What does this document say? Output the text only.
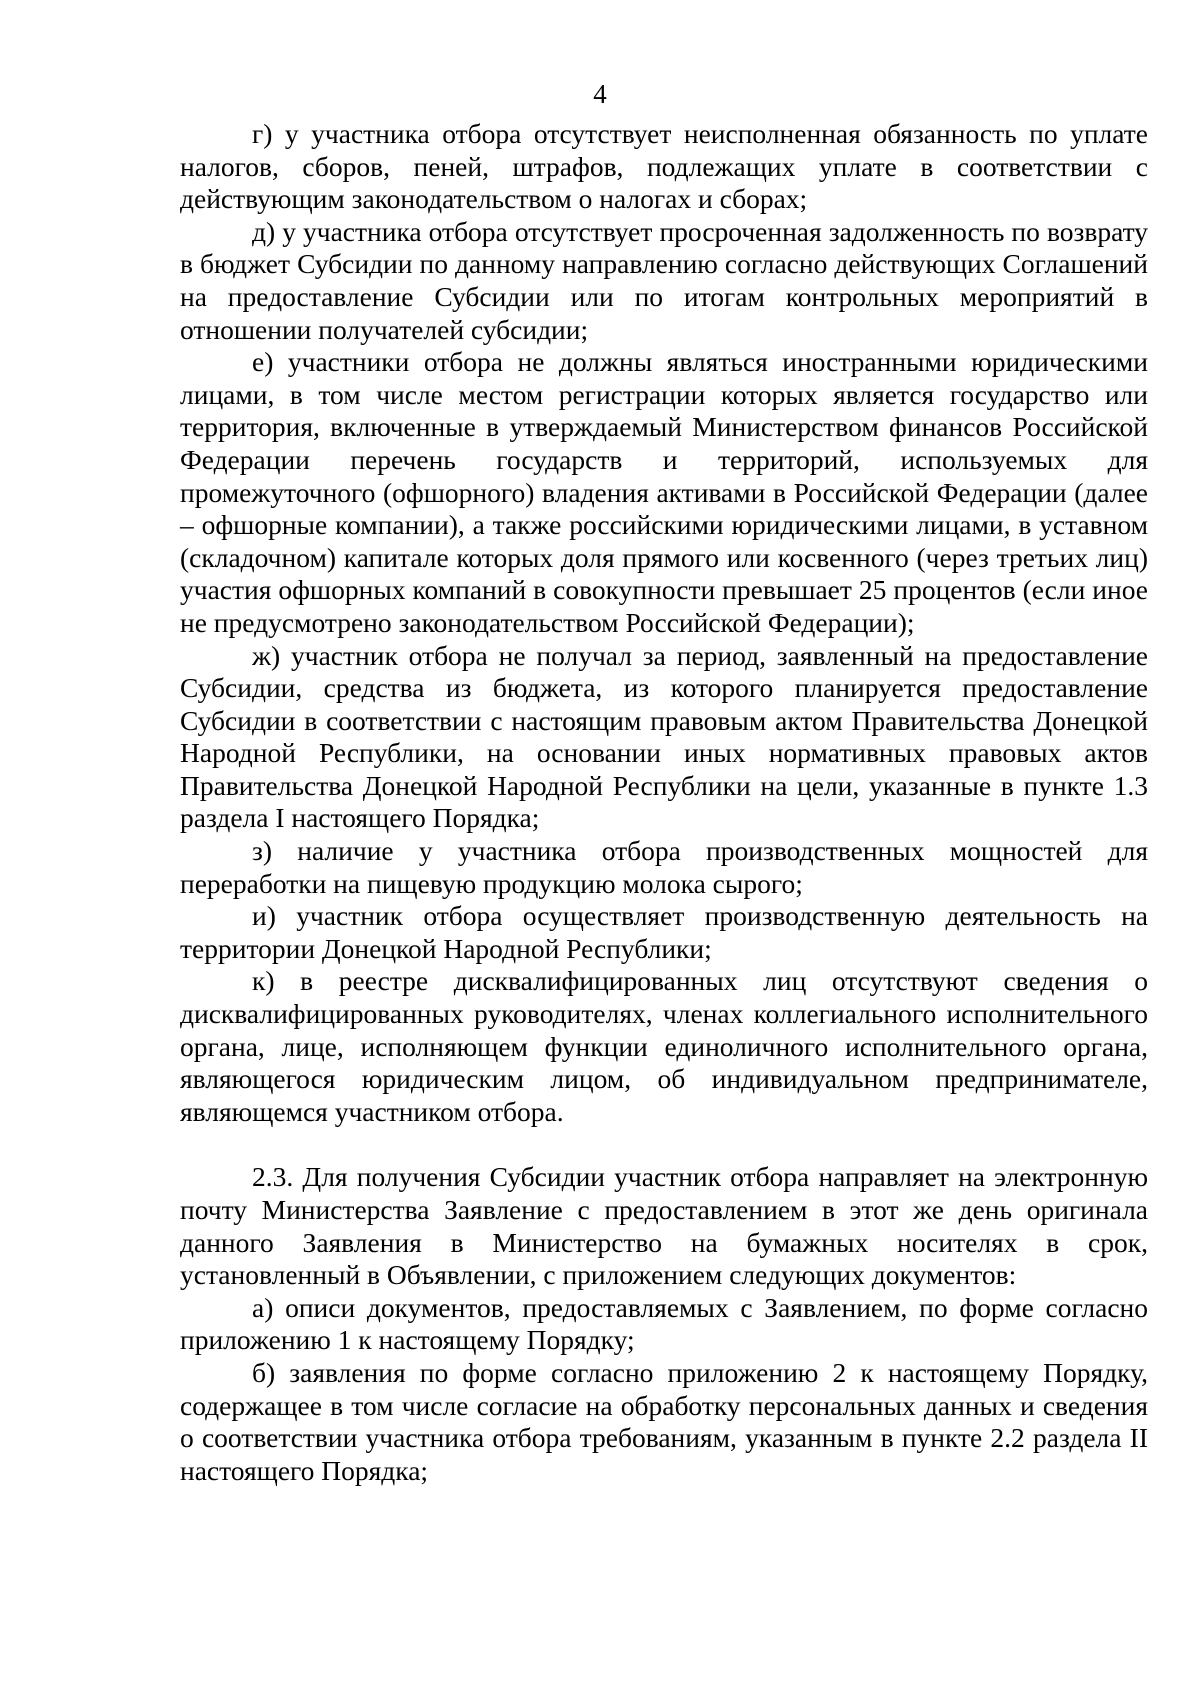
4

г) у участника отбора отсутствует неисполненная обязанность по уплате налогов, сборов, пеней, штрафов, подлежащих уплате в соответствии с действующим законодательством о налогах и сборах;

д) у участника отбора отсутствует просроченная задолженность по возврату в бюджет Субсидии по данному направлению согласно действующих Соглашений на предоставление Субсидии или по итогам контрольных мероприятий в отношении получателей субсидии;

е) участники отбора не должны являться иностранными юридическими лицами, в том числе местом регистрации которых является государство или территория, включенные в утверждаемый Министерством финансов Российской Федерации перечень государств и территорий, используемых для промежуточного (офшорного) владения активами в Российской Федерации (далее – офшорные компании), а также российскими юридическими лицами, в уставном (складочном) капитале которых доля прямого или косвенного (через третьих лиц) участия офшорных компаний в совокупности превышает 25 процентов (если иное не предусмотрено законодательством Российской Федерации);

ж) участник отбора не получал за период, заявленный на предоставление Субсидии, средства из бюджета, из которого планируется предоставление Субсидии в соответствии с настоящим правовым актом Правительства Донецкой Народной Республики, на основании иных нормативных правовых актов Правительства Донецкой Народной Республики на цели, указанные в пункте 1.3 раздела I настоящего Порядка;

з) наличие у участника отбора производственных мощностей для переработки на пищевую продукцию молока сырого;

и) участник отбора осуществляет производственную деятельность на территории Донецкой Народной Республики;

к) в реестре дисквалифицированных лиц отсутствуют сведения о дисквалифицированных руководителях, членах коллегиального исполнительного органа, лице, исполняющем функции единоличного исполнительного органа, являющегося юридическим лицом, об индивидуальном предпринимателе, являющемся участником отбора.

2.3. Для получения Субсидии участник отбора направляет на электронную почту Министерства Заявление с предоставлением в этот же день оригинала данного Заявления в Министерство на бумажных носителях в срок, установленный в Объявлении, с приложением следующих документов:

а) описи документов, предоставляемых с Заявлением, по форме согласно приложению 1 к настоящему Порядку;

б) заявления по форме согласно приложению 2 к настоящему Порядку, содержащее в том числе согласие на обработку персональных данных и сведения о соответствии участника отбора требованиям, указанным в пункте 2.2 раздела II настоящего Порядка;
